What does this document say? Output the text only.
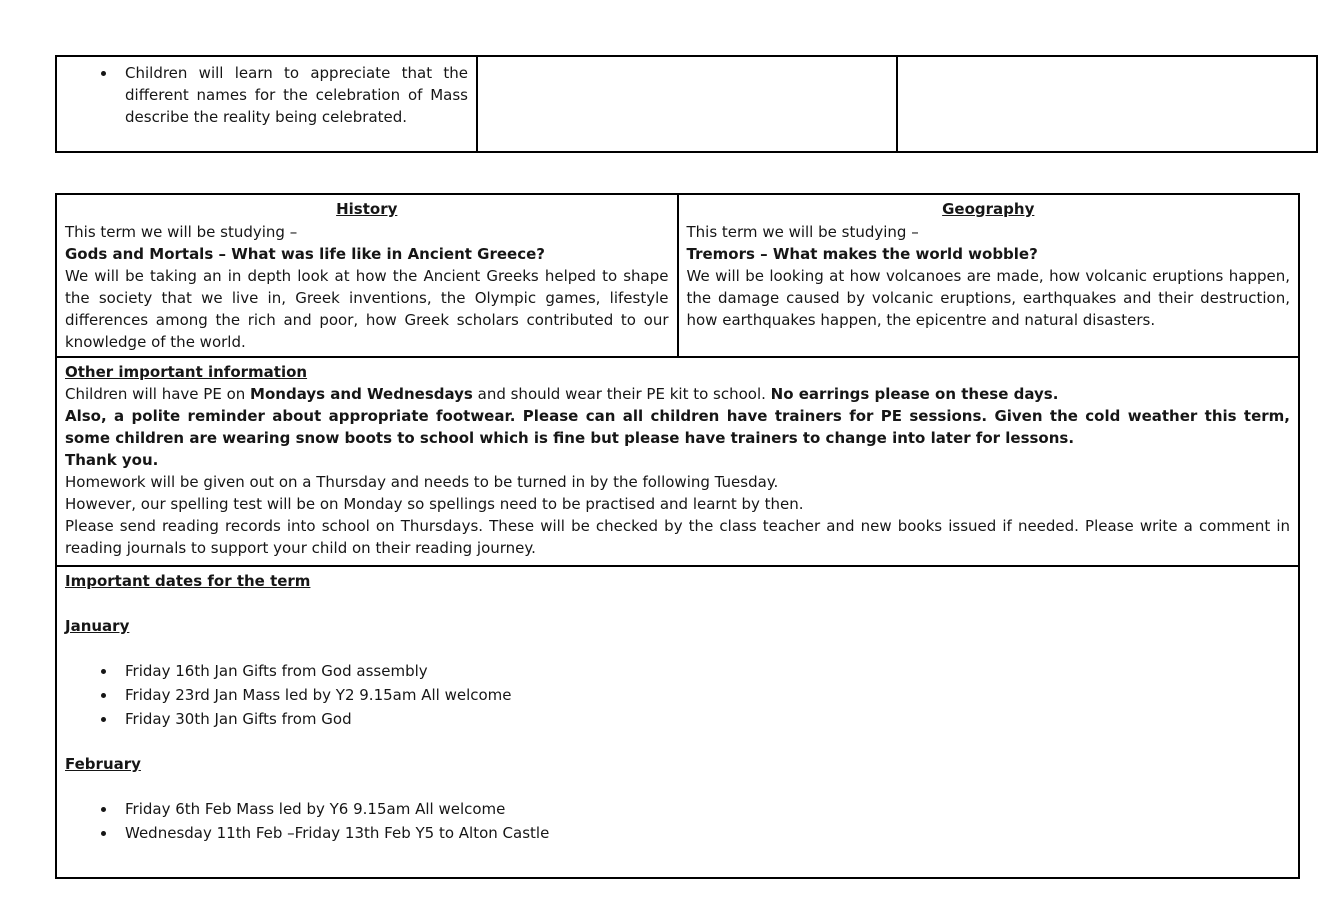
• Children will learn to appreciate that the different names for the celebration of Mass describe the reality being celebrated.

History

This term we will be studying –

Gods and Mortals – What was life like in Ancient Greece?

We will be taking an in depth look at how the Ancient Greeks helped to shape the society that we live in, Greek inventions, the Olympic games, lifestyle differences among the rich and poor, how Greek scholars contributed to our knowledge of the world.

Geography

This term we will be studying –

Tremors – What makes the world wobble?

We will be looking at how volcanoes are made, how volcanic eruptions happen, the damage caused by volcanic eruptions, earthquakes and their destruction, how earthquakes happen, the epicentre and natural disasters.

Other important information

Children will have PE on Mondays and Wednesdays and should wear their PE kit to school. No earrings please on these days.

Also, a polite reminder about appropriate footwear. Please can all children have trainers for PE sessions. Given the cold weather this term, some children are wearing snow boots to school which is fine but please have trainers to change into later for lessons.

Thank you.

Homework will be given out on a Thursday and needs to be turned in by the following Tuesday.

However, our spelling test will be on Monday so spellings need to be practised and learnt by then.

Please send reading records into school on Thursdays. These will be checked by the class teacher and new books issued if needed. Please write a comment in reading journals to support your child on their reading journey.

Important dates for the term

January

• Friday 16th Jan Gifts from God assembly
• Friday 23rd Jan Mass led by Y2 9.15am All welcome
• Friday 30th Jan Gifts from God

February

• Friday 6th Feb Mass led by Y6 9.15am All welcome
• Wednesday 11th Feb –Friday 13th Feb Y5 to Alton Castle
